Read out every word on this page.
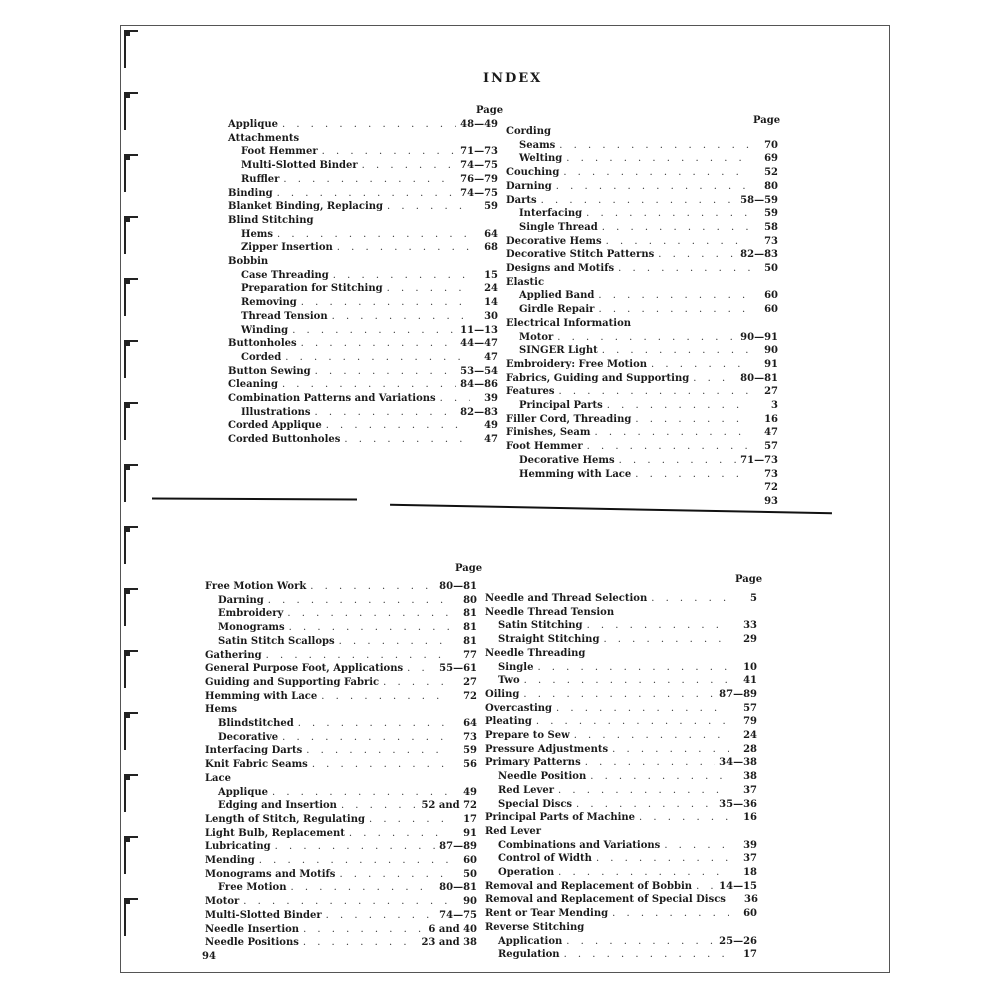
INDEX
Page
Page
Page
Page
Applique . . .	48—49
Attachments
Foot Hemmer . . .	71—73
Multi-Slotted Binder . . .	74—75
Ruffler . . .	76—79
Binding . . .	74—75
Blanket Binding, Replacing . . .	59
Blind Stitching
Hems . . .	64
Zipper Insertion . . .	68
Bobbin
Case Threading . . .	15
Preparation for Stitching . . .	24
Removing . . .	14
Thread Tension . . .	30
Winding . . .	11—13
Buttonholes . . .	44—47
Corded . . .	47
Button Sewing . . .	53—54
Cleaning . . .	84—86
Combination Patterns and Variations . . .	39
Illustrations . . .	82—83
Corded Applique . . .	49
Corded Buttonholes . . .	47
Cording
Seams . . .	70
Welting . . .	69
Couching . . .	52
Darning . . .	80
Darts . . .	58—59
Interfacing . . .	59
Single Thread . . .	58
Decorative Hems . . .	73
Decorative Stitch Patterns . . .	82—83
Designs and Motifs . . .	50
Elastic
Applied Band . . .	60
Girdle Repair . . .	60
Electrical Information
Motor . . .	90—91
SINGER Light . . .	90
Embroidery: Free Motion . . .	91
Fabrics, Guiding and Supporting . . .	80—81
Features . . .	27
Principal Parts . . .	3
Filler Cord, Threading . . .	16
Finishes, Seam . . .	47
Foot Hemmer . . .	57
Decorative Hems . . .	71—73
Hemming with Lace . . .	73
72
93
Free Motion Work . . .	80—81
Darning . . .	80
Embroidery . . .	81
Monograms . . .	81
Satin Stitch Scallops . . .	81
Gathering . . .	77
General Purpose Foot, Applications . . .	55—61
Guiding and Supporting Fabric . . .	27
Hemming with Lace . . .	72
Hems
Blindstitched . . .	64
Decorative . . .	73
Interfacing Darts . . .	59
Knit Fabric Seams . . .	56
Lace
Applique . . .	49
Edging and Insertion . . .	52 and 72
Length of Stitch, Regulating . . .	17
Light Bulb, Replacement . . .	91
Lubricating . . .	87—89
Mending . . .	60
Monograms and Motifs . . .	50
Free Motion . . .	80—81
Motor . . .	90
Multi-Slotted Binder . . .	74—75
Needle Insertion . . .	6 and 40
Needle Positions . . .	23 and 38
Needle and Thread Selection . . .	5
Needle Thread Tension
Satin Stitching . . .	33
Straight Stitching . . .	29
Needle Threading
Single . . .	10
Two . . .	41
Oiling . . .	87—89
Overcasting . . .	57
Pleating . . .	79
Prepare to Sew . . .	24
Pressure Adjustments . . .	28
Primary Patterns . . .	34—38
Needle Position . . .	38
Red Lever . . .	37
Special Discs . . .	35—36
Principal Parts of Machine . . .	16
Red Lever
Combinations and Variations . . .	39
Control of Width . . .	37
Operation . . .	18
Removal and Replacement of Bobbin . . .	14—15
Removal and Replacement of Special Discs	36
Rent or Tear Mending . . .	60
Reverse Stitching
Application . . .	25—26
Regulation . . .	17
94
